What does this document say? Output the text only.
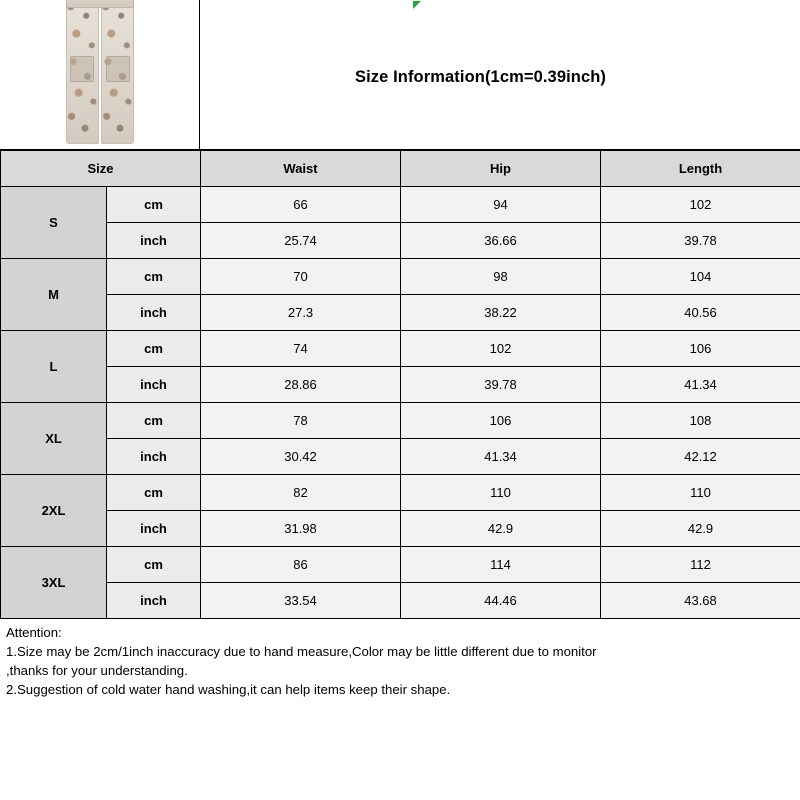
Size Information(1cm=0.39inch)
Size		Waist	Hip	Length
S	cm	66	94	102
	inch	25.74	36.66	39.78
M	cm	70	98	104
	inch	27.3	38.22	40.56
L	cm	74	102	106
	inch	28.86	39.78	41.34
XL	cm	78	106	108
	inch	30.42	41.34	42.12
2XL	cm	82	110	110
	inch	31.98	42.9	42.9
3XL	cm	86	114	112
	inch	33.54	44.46	43.68
Attention:
1.Size may be 2cm/1inch inaccuracy due to hand measure,Color may be little different due to monitor
,thanks for your understanding.
2.Suggestion of cold water hand washing,it can help items keep their shape.
